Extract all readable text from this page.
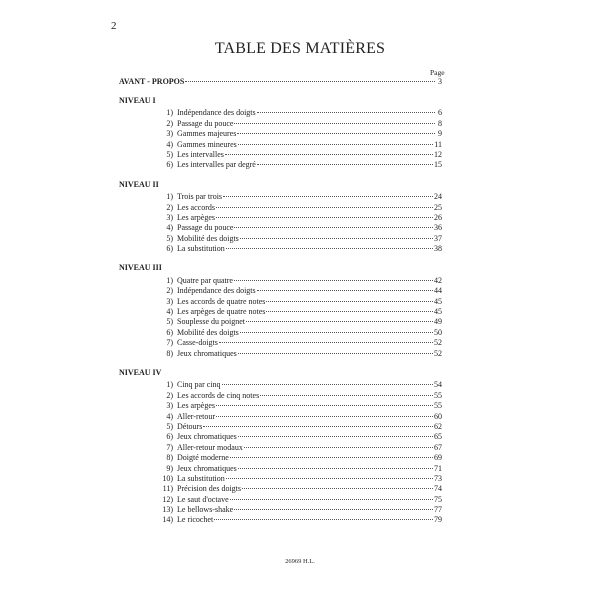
2
TABLE DES MATIÈRES
Page
AVANT - PROPOS	3
NIVEAU I
1) Indépendance des doigts	6
2) Passage du pouce	8
3) Gammes majeures	9
4) Gammes mineures	11
5) Les intervalles	12
6) Les intervalles par degré	15
NIVEAU II
1) Trois par trois	24
2) Les accords	25
3) Les arpèges	26
4) Passage du pouce	36
5) Mobilité des doigts	37
6) La substitution	38
NIVEAU III
1) Quatre par quatre	42
2) Indépendance des doigts	44
3) Les accords de quatre notes	45
4) Les arpèges de quatre notes	45
5) Souplesse du poignet	49
6) Mobilité des doigts	50
7) Casse-doigts	52
8) Jeux chromatiques	52
NIVEAU IV
1) Cinq par cinq	54
2) Les accords de cinq notes	55
3) Les arpèges	55
4) Aller-retour	60
5) Détours	62
6) Jeux chromatiques	65
7) Aller-retour modaux	67
8) Doigté moderne	69
9) Jeux chromatiques	71
10) La substitution	73
11) Précision des doigts	74
12) Le saut d'octave	75
13) Le bellows-shake	77
14) Le ricochet	79
26969 H.L.
